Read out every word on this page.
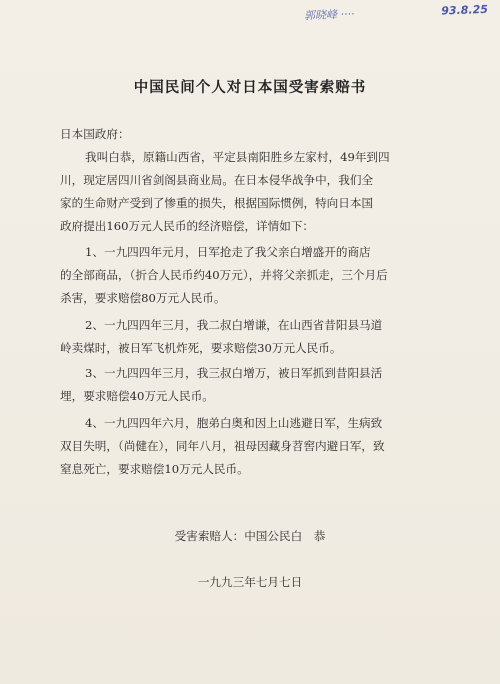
郭晓峰 ····	93.8.25
中国民间个人对日本国受害索赔书

日本国政府：

我叫白恭，原籍山西省，平定县南阳胜乡左家村，49年到四

川，现定居四川省剑阁县商业局。在日本侵华战争中，我们全

家的生命财产受到了惨重的损失，根据国际惯例，特向日本国

政府提出160万元人民币的经济赔偿，详情如下：

1、一九四四年元月，日军抢走了我父亲白增盛开的商店

的全部商品，（折合人民币约40万元），并将父亲抓走，三个月后

杀害，要求赔偿80万元人民币。

2、一九四四年三月，我二叔白增谦，在山西省昔阳县马道

岭卖煤时，被日军飞机炸死，要求赔偿30万元人民币。

3、一九四四年三月，我三叔白增万，被日军抓到昔阳县活

埋，要求赔偿40万元人民币。

4、一九四四年六月，胞弟白奥和因上山逃避日军，生病致

双目失明，（尚健在），同年八月，祖母因藏身苕窖内避日军，致

窒息死亡，要求赔偿10万元人民币。

受害索赔人：中国公民白　恭

一九九三年七月七日
